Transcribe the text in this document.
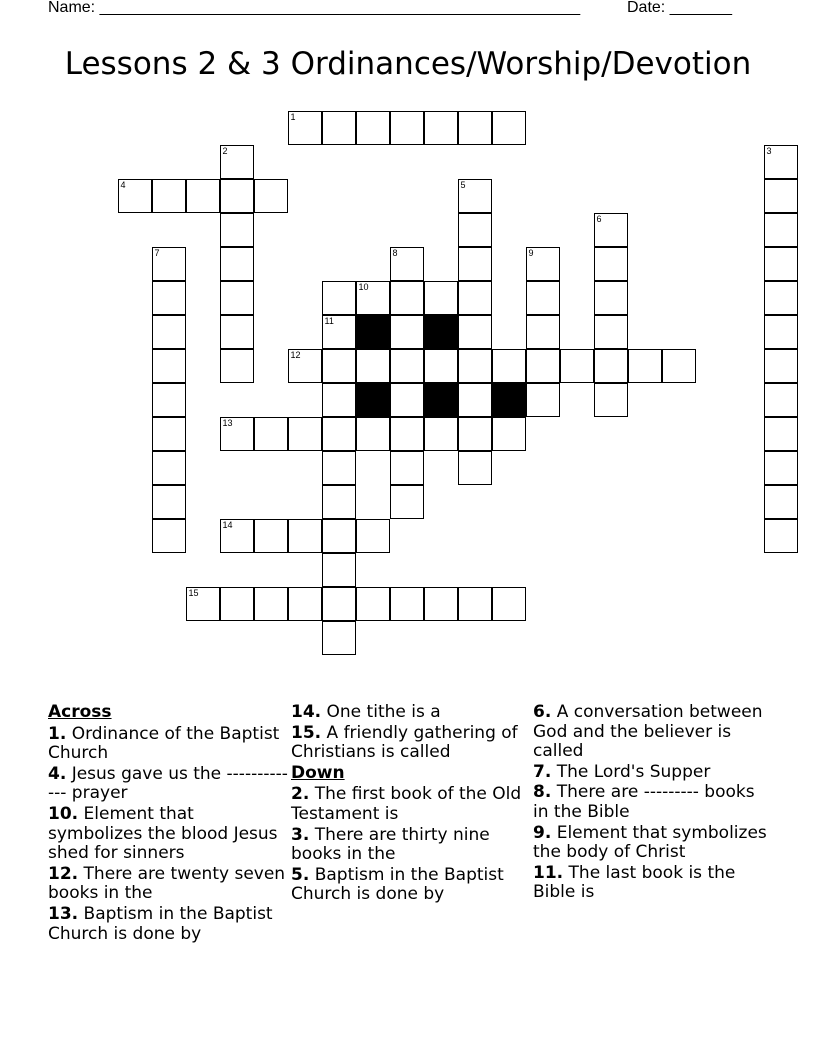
Name: ______________________________________________________	Date: _______
Lessons 2 & 3 Ordinances/Worship/Devotion
1
2	3
4	5
6
7	8	9
10
11
12
13
14
15
Across
1. Ordinance of the Baptist Church
4. Jesus gave us the ------------- prayer
10. Element that symbolizes the blood Jesus shed for sinners
12. There are twenty seven books in the
13. Baptism in the Baptist Church is done by
14. One tithe is a
15. A friendly gathering of Christians is called
Down
2. The first book of the Old Testament is
3. There are thirty nine books in the
5. Baptism in the Baptist Church is done by
6. A conversation between God and the believer is called
7. The Lord's Supper
8. There are --------- books in the Bible
9. Element that symbolizes the body of Christ
11. The last book is the Bible is
